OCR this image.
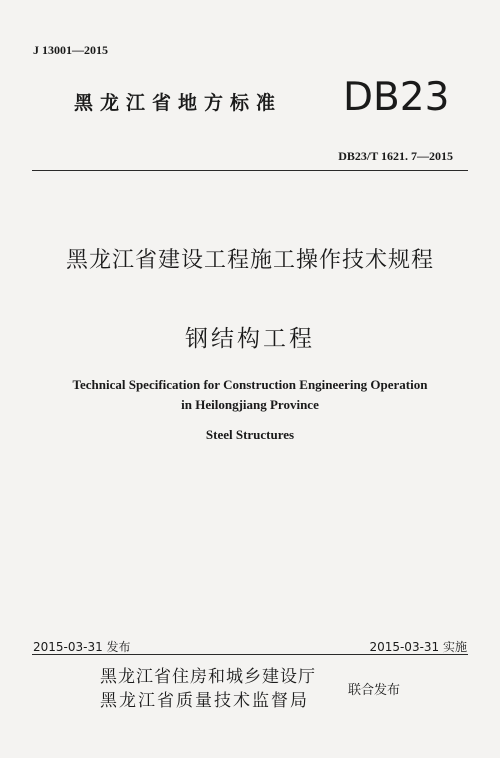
J 13001—2015
黑龙江省地方标准 DB23
DB23/T 1621. 7—2015
黑龙江省建设工程施工操作技术规程
钢结构工程
Technical Specification for Construction Engineering Operation
in Heilongjiang Province
Steel Structures
2015-03-31 发布	2015-03-31 实施
黑龙江省住房和城乡建设厅
黑龙江省质量技术监督局
联合发布
